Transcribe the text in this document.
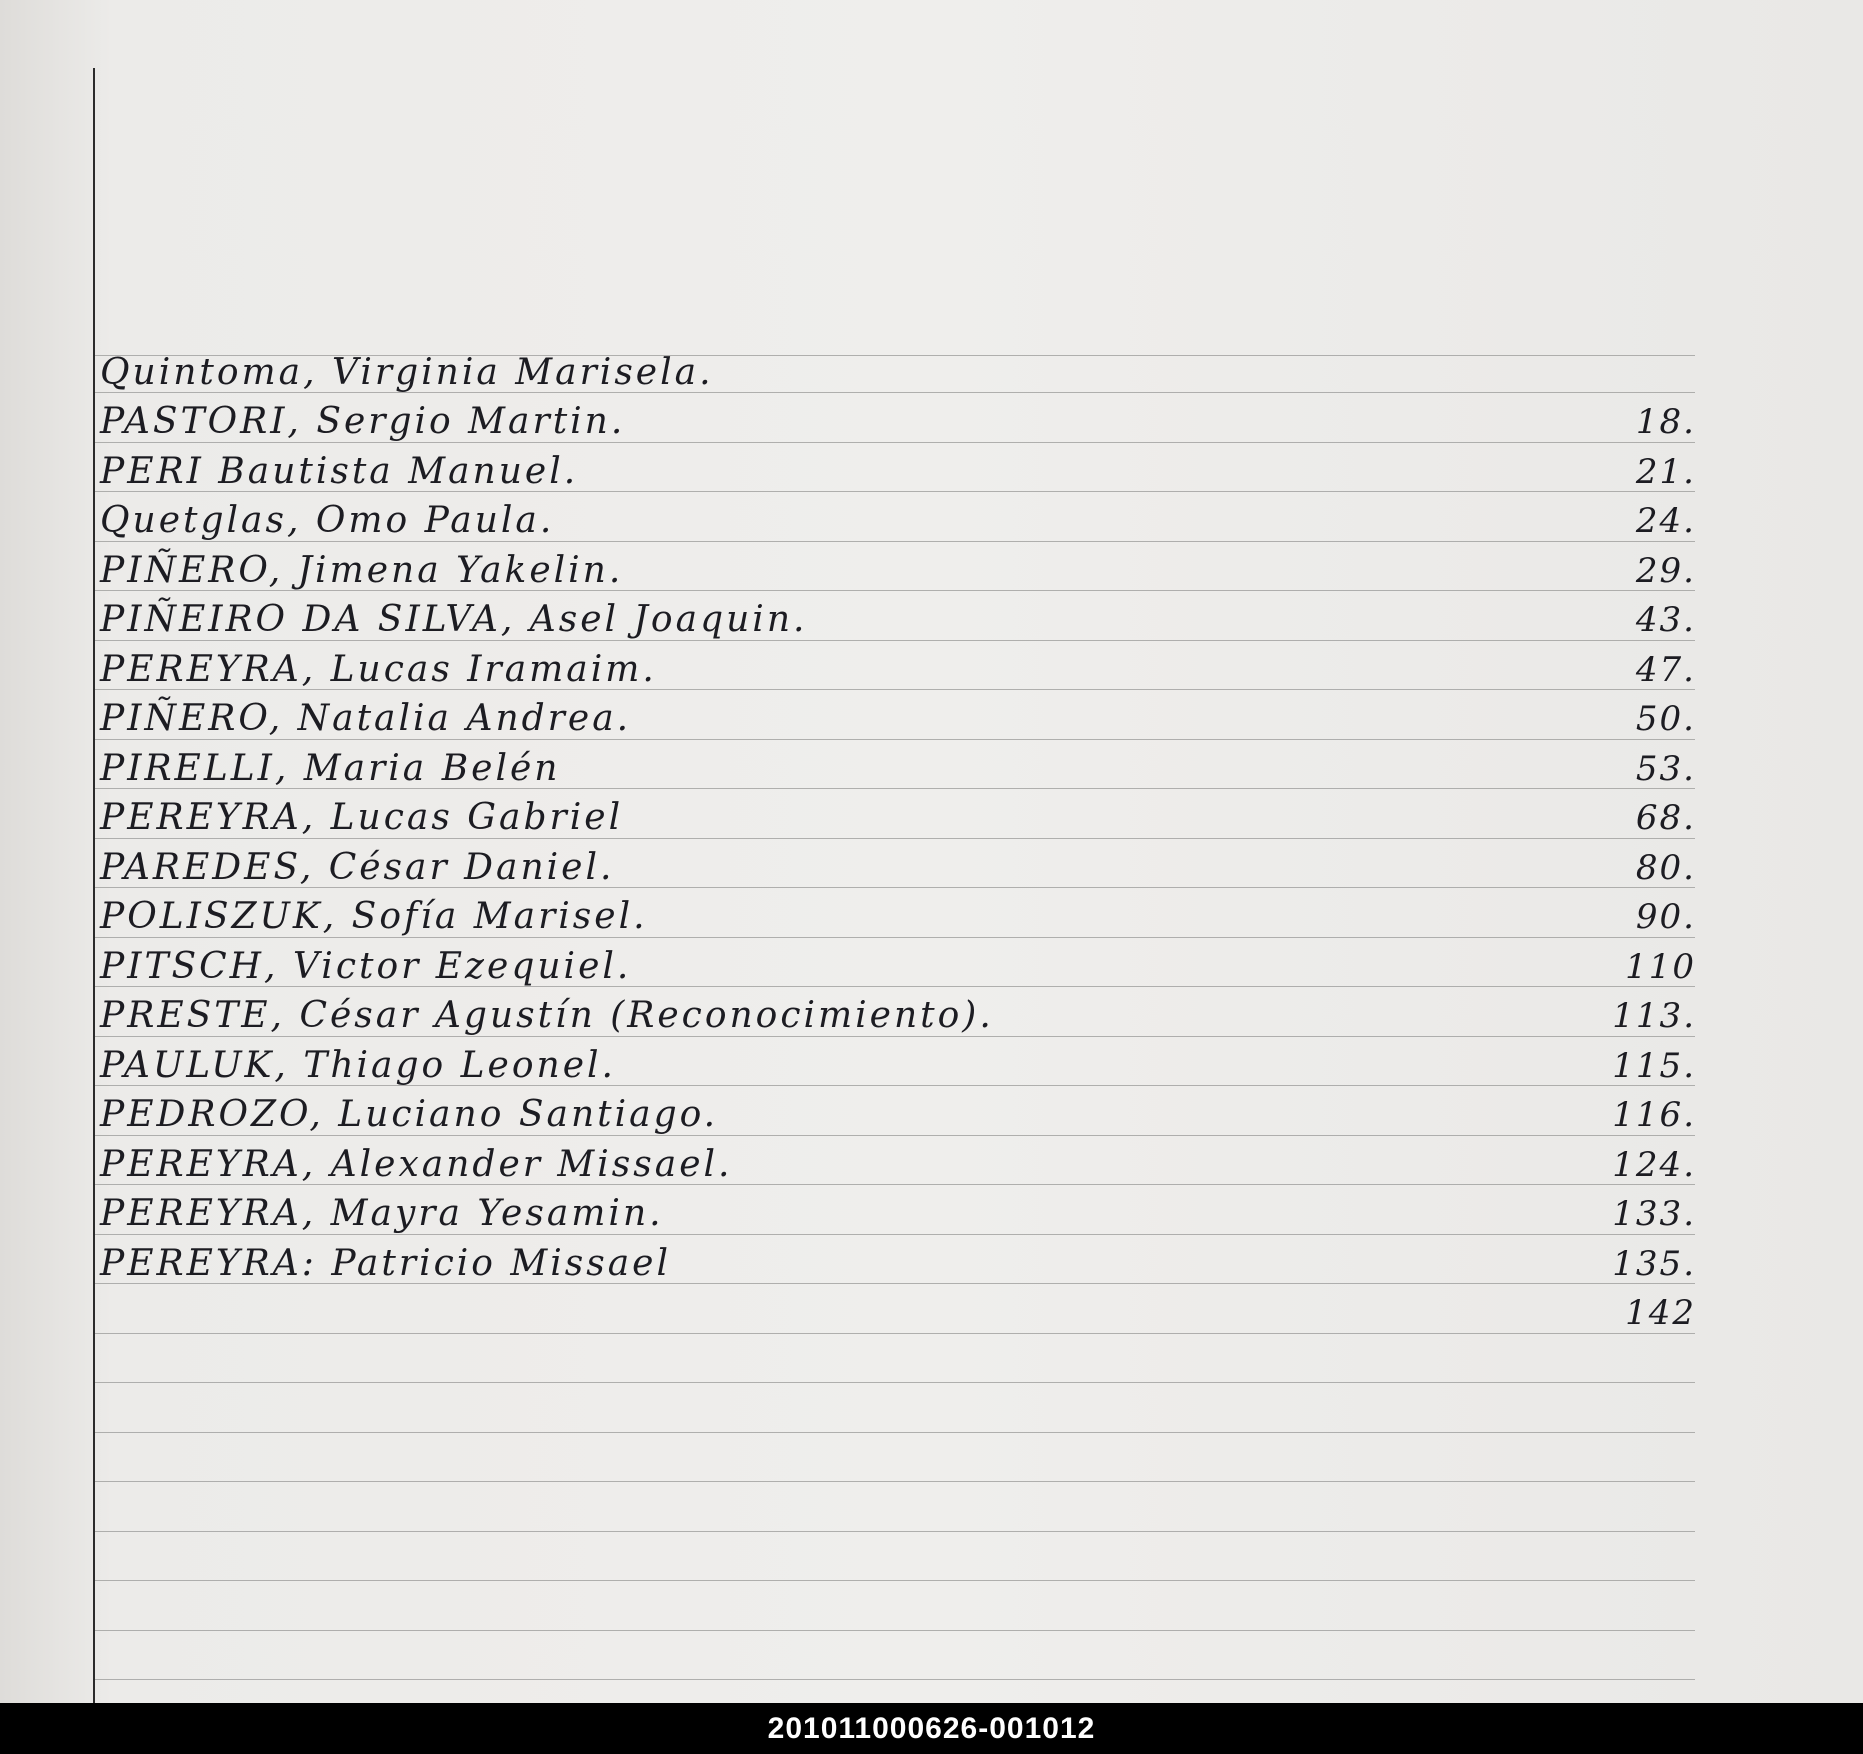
Quintoma, Virginia Marisela.
PASTORI, Sergio Martin.	18.
PERI Bautista Manuel.	21.
Quetglas, Omo Paula.	24.
PIÑERO, Jimena Yakelin.	29.
PIÑEIRO DA SILVA, Asel Joaquin.	43.
PEREYRA, Lucas Iramaim.	47.
PIÑERO, Natalia Andrea.	50.
PIRELLI, Maria Belén	53.
PEREYRA, Lucas Gabriel	68.
PAREDES, César Daniel.	80.
POLISZUK, Sofía Marisel.	90.
PITSCH, Victor Ezequiel.	110
PRESTE, César Agustín (Reconocimiento).	113.
PAULUK, Thiago Leonel.	115.
PEDROZO, Luciano Santiago.	116.
PEREYRA, Alexander Missael.	124.
PEREYRA, Mayra Yesamin.	133.
PEREYRA: Patricio Missael	135.
142
201011000626-001012
